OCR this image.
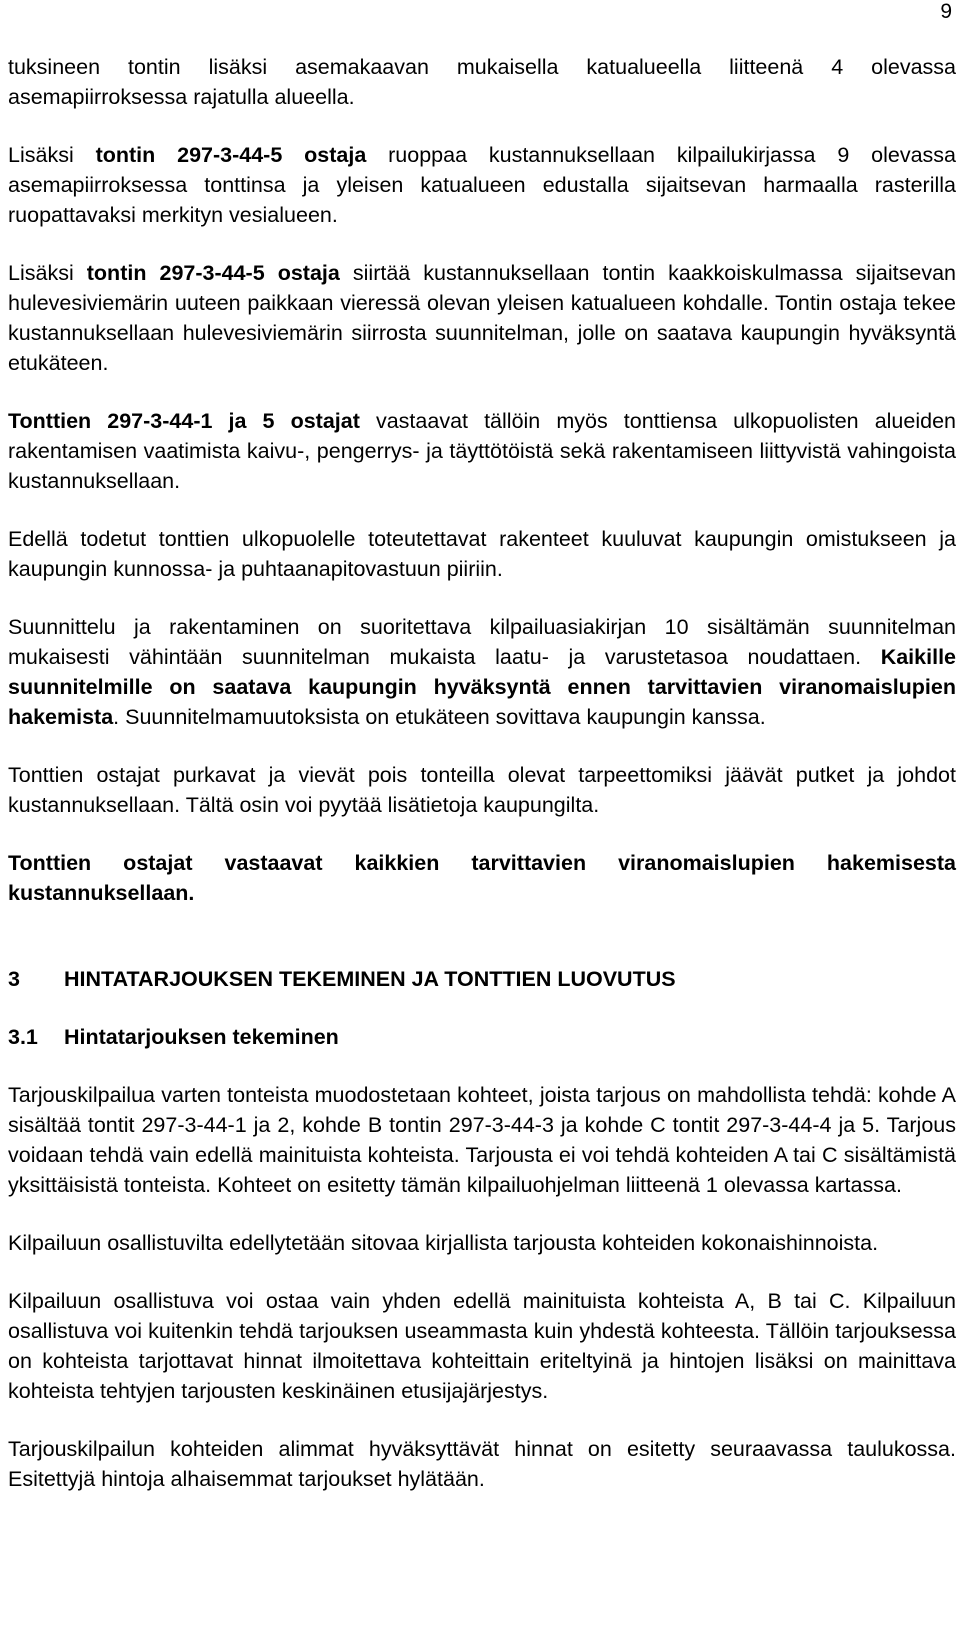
9

tuksineen tontin lisäksi asemakaavan mukaisella katualueella liitteenä 4 olevassa asemapiirroksessa rajatulla alueella.

Lisäksi tontin 297-3-44-5 ostaja ruoppaa kustannuksellaan kilpailukirjassa 9 olevassa asemapiirroksessa tonttinsa ja yleisen katualueen edustalla sijaitsevan harmaalla rasterilla ruopattavaksi merkityn vesialueen.

Lisäksi tontin 297-3-44-5 ostaja siirtää kustannuksellaan tontin kaakkoiskulmassa sijaitsevan hulevesiviemärin uuteen paikkaan vieressä olevan yleisen katualueen kohdalle. Tontin ostaja tekee kustannuksellaan hulevesiviemärin siirrosta suunnitelman, jolle on saatava kaupungin hyväksyntä etukäteen.

Tonttien 297-3-44-1 ja 5 ostajat vastaavat tällöin myös tonttiensa ulkopuolisten alueiden rakentamisen vaatimista kaivu-, pengerrys- ja täyttötöistä sekä rakentamiseen liittyvistä vahingoista kustannuksellaan.

Edellä todetut tonttien ulkopuolelle toteutettavat rakenteet kuuluvat kaupungin omistukseen ja kaupungin kunnossa- ja puhtaanapitovastuun piiriin.

Suunnittelu ja rakentaminen on suoritettava kilpailuasiakirjan 10 sisältämän suunnitelman mukaisesti vähintään suunnitelman mukaista laatu- ja varustetasoa noudattaen. Kaikille suunnitelmille on saatava kaupungin hyväksyntä ennen tarvittavien viranomaislupien hakemista. Suunnitelmamuutoksista on etukäteen sovittava kaupungin kanssa.

Tonttien ostajat purkavat ja vievät pois tonteilla olevat tarpeettomiksi jäävät putket ja johdot kustannuksellaan. Tältä osin voi pyytää lisätietoja kaupungilta.

Tonttien ostajat vastaavat kaikkien tarvittavien viranomaislupien hakemisesta kustannuksellaan.

3 HINTATARJOUKSEN TEKEMINEN JA TONTTIEN LUOVUTUS
3.1 Hintatarjouksen tekeminen

Tarjouskilpailua varten tonteista muodostetaan kohteet, joista tarjous on mahdollista tehdä: kohde A sisältää tontit 297-3-44-1 ja 2, kohde B tontin 297-3-44-3 ja kohde C tontit 297-3-44-4 ja 5. Tarjous voidaan tehdä vain edellä mainituista kohteista. Tarjousta ei voi tehdä kohteiden A tai C sisältämistä yksittäisistä tonteista. Kohteet on esitetty tämän kilpailuohjelman liitteenä 1 olevassa kartassa.

Kilpailuun osallistuvilta edellytetään sitovaa kirjallista tarjousta kohteiden kokonaishinnoista.

Kilpailuun osallistuva voi ostaa vain yhden edellä mainituista kohteista A, B tai C. Kilpailuun osallistuva voi kuitenkin tehdä tarjouksen useammasta kuin yhdestä kohteesta. Tällöin tarjouksessa on kohteista tarjottavat hinnat ilmoitettava kohteittain eriteltyinä ja hintojen lisäksi on mainittava kohteista tehtyjen tarjousten keskinäinen etusijajärjestys.

Tarjouskilpailun kohteiden alimmat hyväksyttävät hinnat on esitetty seuraavassa taulukossa. Esitettyjä hintoja alhaisemmat tarjoukset hylätään.
